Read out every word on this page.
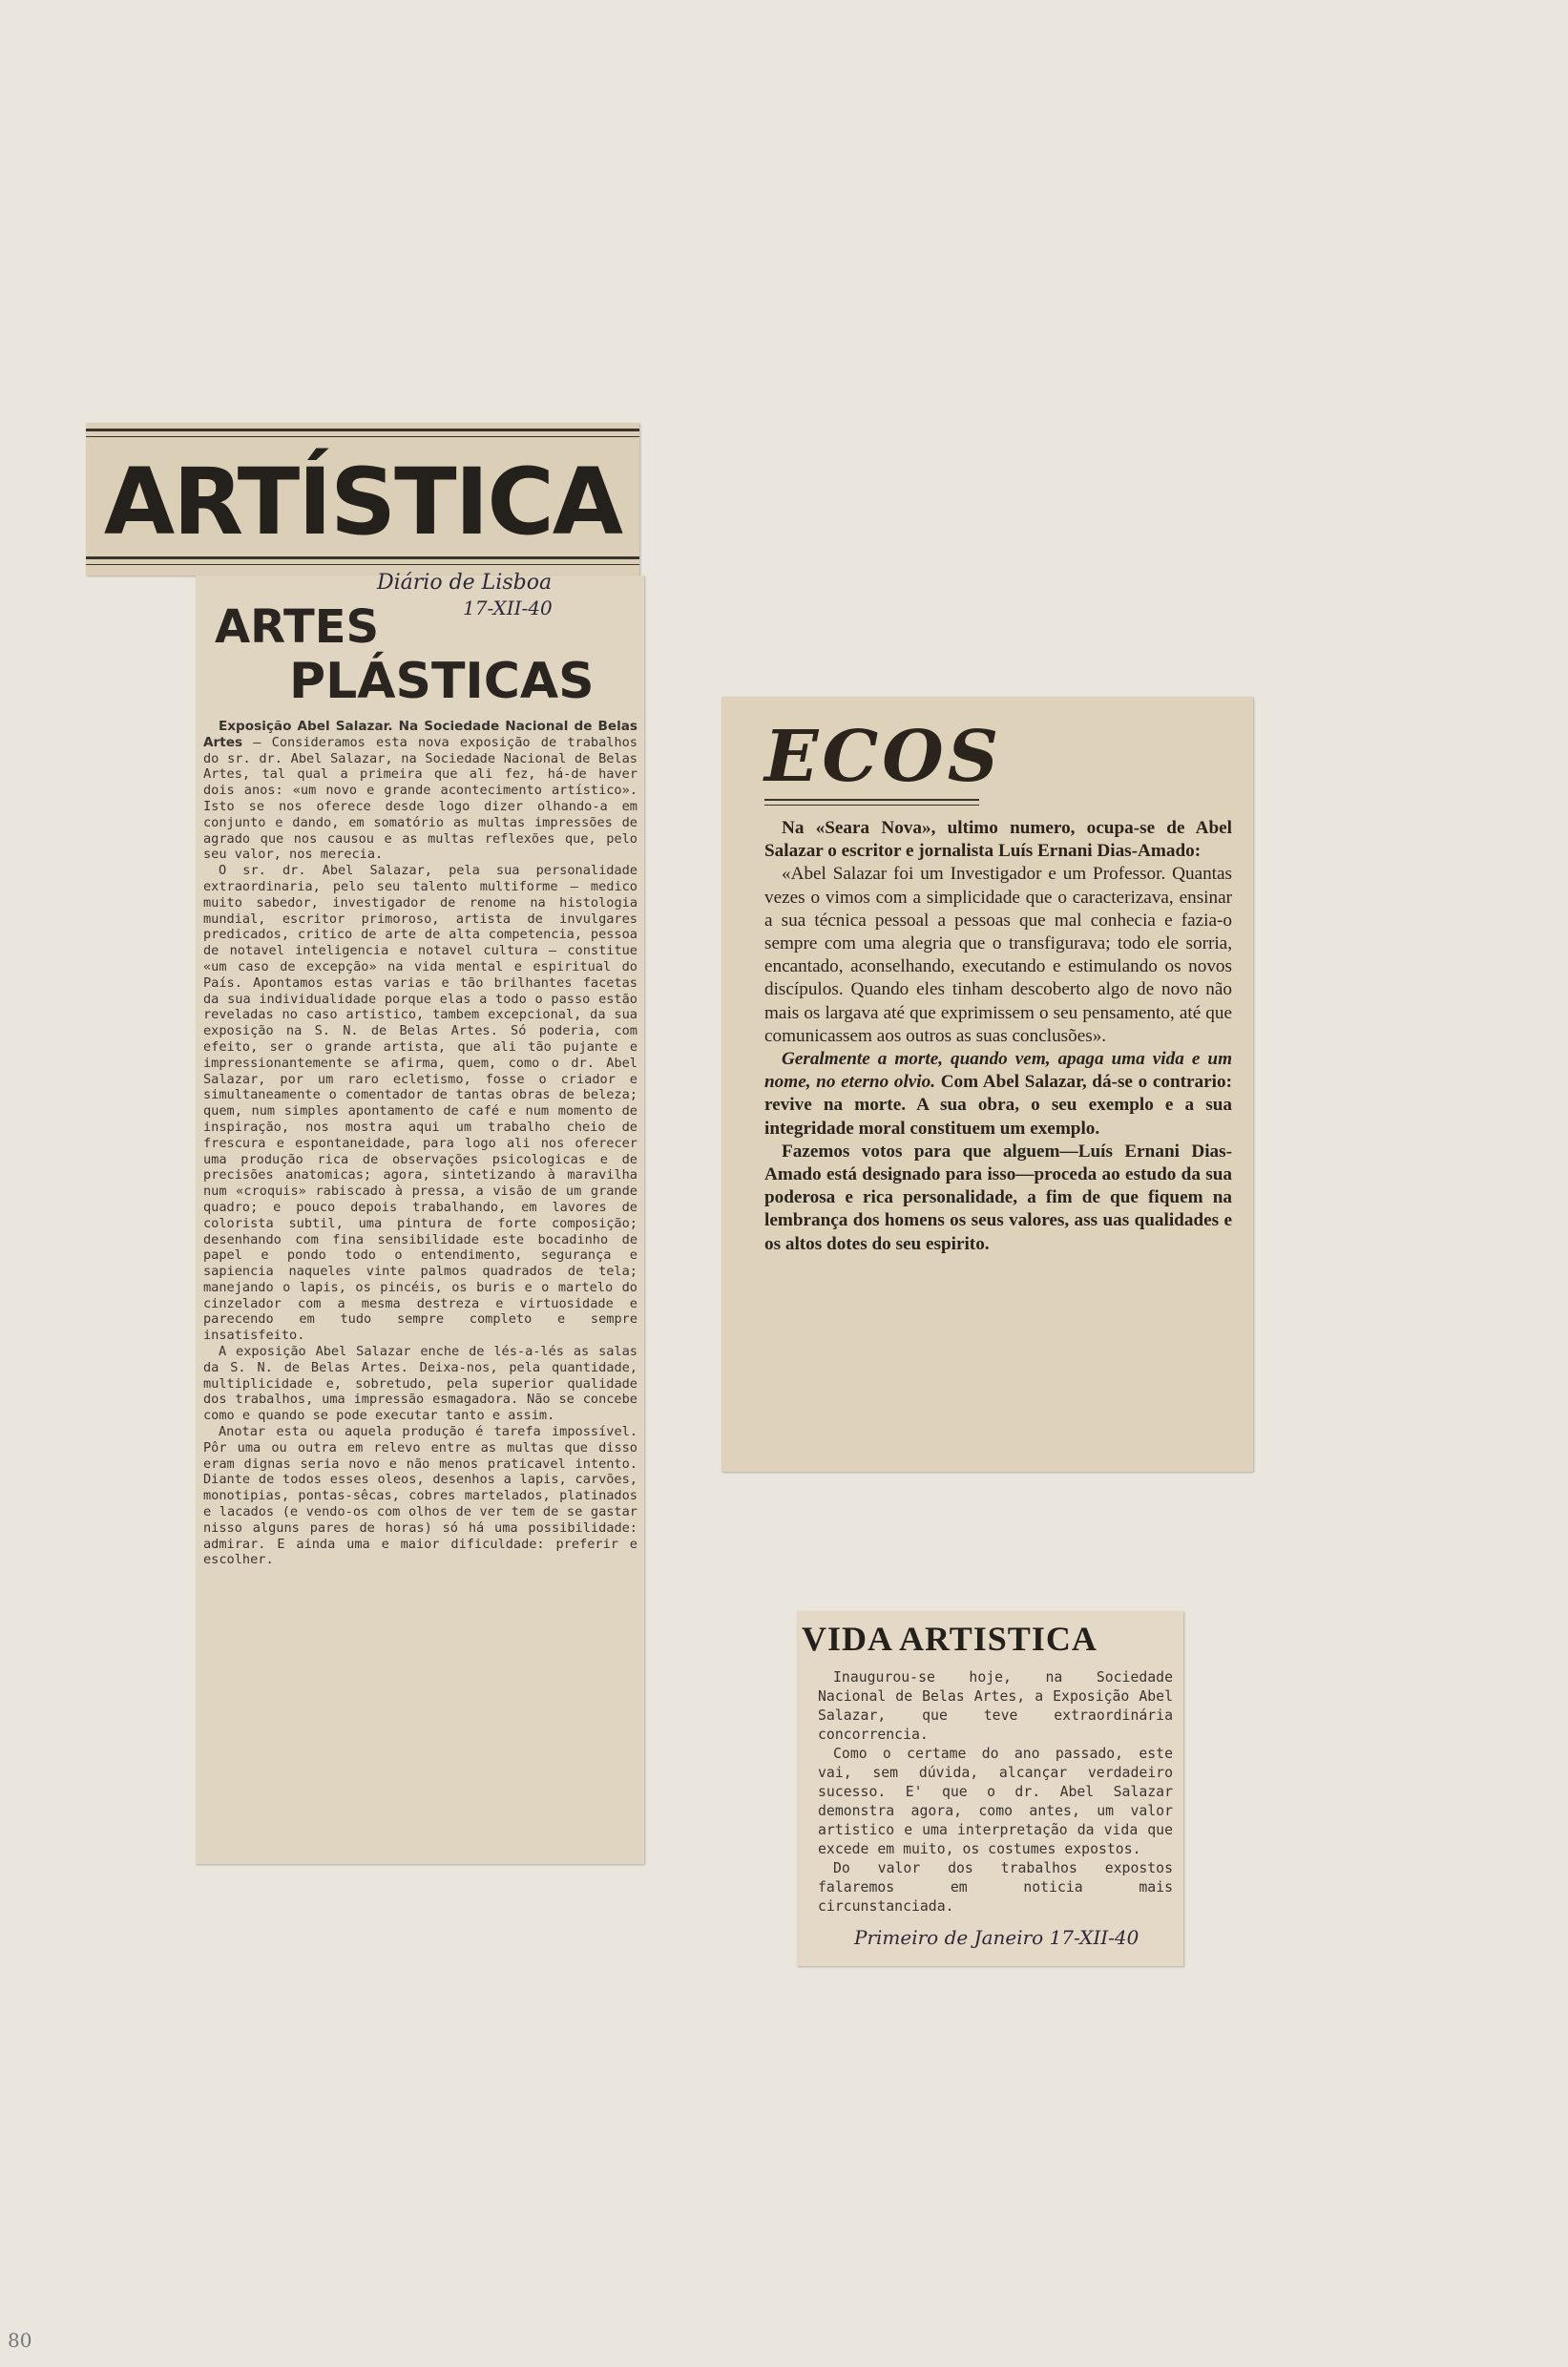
ARTÍSTICA
Diário de Lisboa
17-XII-40
ARTES
PLÁSTICAS

Exposição Abel Salazar. Na Sociedade Nacional de Belas Artes — Consideramos esta nova exposição de trabalhos do sr. dr. Abel Salazar, na Sociedade Nacional de Belas Artes, tal qual a primeira que ali fez, há-de haver dois anos: «um novo e grande acontecimento artístico». Isto se nos oferece desde logo dizer olhando-a em conjunto e dando, em somatório as multas impressões de agrado que nos causou e as multas reflexões que, pelo seu valor, nos merecia.

O sr. dr. Abel Salazar, pela sua personalidade extraordinaria, pelo seu talento multiforme — medico muito sabedor, investigador de renome na histologia mundial, escritor primoroso, artista de invulgares predicados, critico de arte de alta competencia, pessoa de notavel inteligencia e notavel cultura — constitue «um caso de excepção» na vida mental e espiritual do País. Apontamos estas varias e tão brilhantes facetas da sua individualidade porque elas a todo o passo estão reveladas no caso artistico, tambem excepcional, da sua exposição na S. N. de Belas Artes. Só poderia, com efeito, ser o grande artista, que ali tão pujante e impressionantemente se afirma, quem, como o dr. Abel Salazar, por um raro ecletismo, fosse o criador e simultaneamente o comentador de tantas obras de beleza; quem, num simples apontamento de café e num momento de inspiração, nos mostra aqui um trabalho cheio de frescura e espontaneidade, para logo ali nos oferecer uma produção rica de observações psicologicas e de precisões anatomicas; agora, sintetizando à maravilha num «croquis» rabiscado à pressa, a visão de um grande quadro; e pouco depois trabalhando, em lavores de colorista subtil, uma pintura de forte composição; desenhando com fina sensibilidade este bocadinho de papel e pondo todo o entendimento, segurança e sapiencia naqueles vinte palmos quadrados de tela; manejando o lapis, os pincéis, os buris e o martelo do cinzelador com a mesma destreza e virtuosidade e parecendo em tudo sempre completo e sempre insatisfeito.

A exposição Abel Salazar enche de lés-a-lés as salas da S. N. de Belas Artes. Deixa-nos, pela quantidade, multiplicidade e, sobretudo, pela superior qualidade dos trabalhos, uma impressão esmagadora. Não se concebe como e quando se pode executar tanto e assim.

Anotar esta ou aquela produção é tarefa impossível. Pôr uma ou outra em relevo entre as multas que disso eram dignas seria novo e não menos praticavel intento. Diante de todos esses oleos, desenhos a lapis, carvões, monotipias, pontas-sêcas, cobres martelados, platinados e lacados (e vendo-os com olhos de ver tem de se gastar nisso alguns pares de horas) só há uma possibilidade: admirar. E ainda uma e maior dificuldade: preferir e escolher.

ECOS

Na «Seara Nova», ultimo numero, ocupa-se de Abel Salazar o escritor e jornalista Luís Ernani Dias-Amado:

«Abel Salazar foi um Investigador e um Professor. Quantas vezes o vimos com a simplicidade que o caracterizava, ensinar a sua técnica pessoal a pessoas que mal conhecia e fazia-o sempre com uma alegria que o transfigurava; todo ele sorria, encantado, aconselhando, executando e estimulando os novos discípulos. Quando eles tinham descoberto algo de novo não mais os largava até que exprimissem o seu pensamento, até que comunicassem aos outros as suas conclusões».

Geralmente a morte, quando vem, apaga uma vida e um nome, no eterno olvio. Com Abel Salazar, dá-se o contrario: revive na morte. A sua obra, o seu exemplo e a sua integridade moral constituem um exemplo.

Fazemos votos para que alguem—Luís Ernani Dias-Amado está designado para isso—proceda ao estudo da sua poderosa e rica personalidade, a fim de que fiquem na lembrança dos homens os seus valores, ass uas qualidades e os altos dotes do seu espirito.

VIDA ARTISTICA

Inaugurou-se hoje, na Sociedade Nacional de Belas Artes, a Exposição Abel Salazar, que teve extraordinária concorrencia.

Como o certame do ano passado, este vai, sem dúvida, alcançar verdadeiro sucesso. E' que o dr. Abel Salazar demonstra agora, como antes, um valor artistico e uma interpretação da vida que excede em muito, os costumes expostos.

Do valor dos trabalhos expostos falaremos em noticia mais circunstanciada.

Primeiro de Janeiro 17-XII-40
80
